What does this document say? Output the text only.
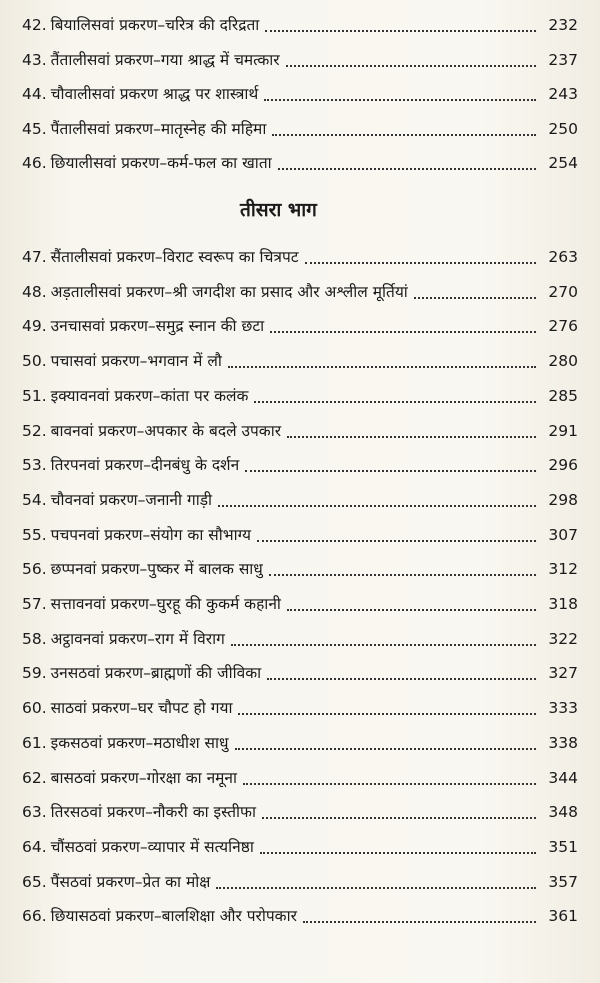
42. बियालिसवां प्रकरण–चरित्र की दरिद्रता	232
43. तैंतालीसवां प्रकरण–गया श्राद्ध में चमत्कार	237
44. चौवालीसवां प्रकरण श्राद्ध पर शास्त्रार्थ	243
45. पैंतालीसवां प्रकरण–मातृस्नेह की महिमा	250
46. छियालीसवां प्रकरण–कर्म-फल का खाता	254
तीसरा भाग
47. सैंतालीसवां प्रकरण–विराट स्वरूप का चित्रपट	263
48. अड़तालीसवां प्रकरण–श्री जगदीश का प्रसाद और अश्लील मूर्तियां	270
49. उनचासवां प्रकरण–समुद्र स्नान की छटा	276
50. पचासवां प्रकरण–भगवान में लौ	280
51. इक्यावनवां प्रकरण–कांता पर कलंक	285
52. बावनवां प्रकरण–अपकार के बदले उपकार	291
53. तिरपनवां प्रकरण–दीनबंधु के दर्शन	296
54. चौवनवां प्रकरण–जनानी गाड़ी	298
55. पचपनवां प्रकरण–संयोग का सौभाग्य	307
56. छप्पनवां प्रकरण–पुष्कर में बालक साधु	312
57. सत्तावनवां प्रकरण–घुरहू की कुकर्म कहानी	318
58. अट्ठावनवां प्रकरण–राग में विराग	322
59. उनसठवां प्रकरण–ब्राह्मणों की जीविका	327
60. साठवां प्रकरण–घर चौपट हो गया	333
61. इकसठवां प्रकरण–मठाधीश साधु	338
62. बासठवां प्रकरण–गोरक्षा का नमूना	344
63. तिरसठवां प्रकरण–नौकरी का इस्तीफा	348
64. चौंसठवां प्रकरण–व्यापार में सत्यनिष्ठा	351
65. पैंसठवां प्रकरण–प्रेत का मोक्ष	357
66. छियासठवां प्रकरण–बालशिक्षा और परोपकार	361
